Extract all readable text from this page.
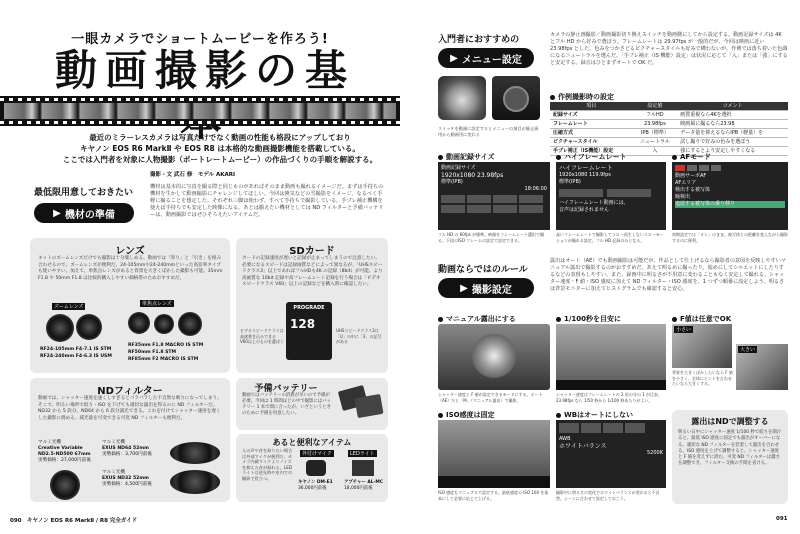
一眼カメラでショートムービーを作ろう!
動画撮影の基
最近のミラーレスカメラは写真だけでなく動画の性能も格段にアップしており
キヤノン EOS R6 MarkⅡ や EOS R8 は本格的な動画撮影機能を搭載している。
ここでは入門者を対象に人物撮影（ポートレートムービー）の作品づくりの手順を解説する。
撮影・文 武石 修　モデル AKARI
最低限用意しておきたい
▶ 機材の準備
機材は基本的に写真を撮る際と同じものがあればそのまま動画も撮れるイメージだ。まずは手持ちの機材を生かして動画撮影にチャレンジしてほしい。今回は換気などの雪撮影をイメージ、なるべく手軽に撮ることを想定した。それぞれ三脚は使わず、すべて手持ちで撮影している。手ブレ補正機構を使えば手持ちでも安定した映像になる。あとは揃えたい機材としては ND フィルターと予備バッテリーは、動画撮影ではぜひそろえたいアイテムだ。
レンズ
キットのズームレンズだけでも撮影は十分楽しめる。動画では「寄り」と「引き」を組み合わせるので、ズームレンズが便利だ。24-105mmや24-240mmといった高倍率タイプも使いやすい。加えて、単焦点レンズがあると背景を大きくぼかした撮影も可能。35mm F1.8 や 50mm F1.8 は比較的購入しやすい価格帯のためおすすめだ。
ズームレンズ	単焦点レンズ
RF24-105mm F4-7.1 IS STM
RF24-240mm F4-6.3 IS USM
RF35mm F1.8 MACRO IS STM
RF50mm F1.8 STM
RF85mm F2 MACRO IS STM
SDカード
カードの記録速度が遅いと記録が止まってしまうので注意したい。必要になるスピードは記録画質などによって異なるが、「UHSスピードクラス3」以上であればフルHDも4K の記録（8bit）が可能。より高画質な 10bit 記録や高フレームレート記録を行う場合は「ビデオスピードクラス V60」以上の記録などを購入時に確認したい。
PROGRADE
128
ビデオスピードクラスは高速書き込みできる V60以上のものを選ぼう
UHSスピードクラス3は「U」の中に「3」の記号がある
NDフィルター
動画では、シャッター速度を速くしすぎるとパラパラした不自然な映りになってしまう。そこで、明るい場所で絞り・ISO を下げても適切な露出を得るのに ND フィルターだ。ND32 から 5 段分、ND64 から 6 段分減光できる。これを付けてシャッター速度を遅くした撮影に挑める。減光量を可変できる可変 ND フィルターも便利だ。
マルミ光機
Creative Variable ND2.5-ND500 67mm
実勢価格：27,000円前後
マルミ光機
EXUS ND64 52mm
実勢価格：3,700円前後
マルミ光機
EXUS ND32 52mm
実勢価格：4,500円前後
予備バッテリー
動画ではバッテリーの消費が早いので予備が必要。今回は 1 時間ほどの中で撮影にはバッテリー 1 本で間に合ったが、いざというときのために予備を用意したい。
あると便利なアイテム
人の声や音を録りたい場合は外部マイクが便利だ。カメラ内蔵マイクよりノイズを抑えた音が録れる。LED ライトは逆光時や室内での撮影で役立つ。
外付けマイク	LEDライト
キヤノン DM-E1
36,000円前後
アプチャー AL-MC
18,000円前後
090　キヤノン EOS R6 MarkⅡ / R8 完全ガイド
入門者におすすめの
▶ メニュー設定
スイッチを動画に設定するとメニューの項目が静止画用から動画用に変わる
カメラの静止画撮影／動画撮影切り換えスイッチを動画側にしてから設定する。動画記録サイズは 4K とフル HD から好みで選ぼう。フレームレートは 29.97fps が一般的だが、今回は映画に近い 23.98fps とした。色みをつかさどるピクチャースタイルも好みで構わないが、作例では落ち着いた色調になるニュートラルを選んだ。「手ブレ補正（IS 機能）設定」は状況に応じて「入」または「強」にすると安定する。録音はひとまずオートで OK だ。
作例撮影時の設定
項目	設定値	コメント
記録サイズ	フルHD	画質重視なら4Kを選択
フレームレート	23.98fps	映画風に撮るなら23.98
圧縮方式	IPB（標準）	データ量を抑えるならIPB（軽量）を
ピクチャースタイル	ニュートラル	試し撮りで好みの色みを選ぼう
手ブレ補正（IS機能）設定	入	強にするとより安定しやすくなる
動画記録サイズ
動画記録サイズ
1920x1080 23.98fps
標準(IPB)
18:06:00
フル HD の 60fps が標準。映像をフレームレート選択で撮る。下段のISO フレームの設定で設定できる。
ハイフレームレート
ハイフレームレート
1920x1080 119.9fps
標準(IPB)
ハイフレームレート動画には、
音声は記録されません
高いフレームレートで撮影してスロー再生しないスローモーションが撮れる設定。フル HD 記録のみとなる。
AFモード
動画サーボAF
AFエリア
検出する被写体
瞳検出
追尾する被写体の乗り移り
初期設定では「オン」のまま。被写体との距離を変えながら撮影するのに便利。
動画ならではのルール
▶ 撮影設定
露出はオート（AE）でも動画撮影は可能だが、作品として仕上げるなら撮影者の意図を反映しやすいマニュアル露出で撮影するのがおすすめだ。あえて明るめに撮ったり、暗めにしてシルエットにしたりするなどの表現もしやすい。また、録画中に明るさが不用意に変わることもなく安定して撮れる。シャッター速度・F 値・ISO 感度に加えて ND フィルター・ISO 感度を、1 つずつ順番に設定しよう。明るさは背景モニターに加えてヒストグラムでも確認すると安心。
マニュアル露出にする
シャッター速度と F 値が設定できるモードにする。オート（AE）だと「M」（マニュアル露出）で撮影。
1/100秒を目安に
シャッター速度はフレームレートの 2 倍の分の 1 が目安。23.98fps なら 1/50 秒から 1/100 秒あたりがよい。
F値は任意でOK
小さい
大きい
背景を大きくぼかしたいなら F 値を小さく、全体にピントを合わせたいなら大きくする。
ISO感度は固定
ISO 感度もマニュアルで設定する。最低感度の ISO 100 を基本にして必要に応じて上げる。
WBはオートにしない
AWB
ホワイトバランス
5200K
撮影中に明るさの変化でホワイトバランスが変わると不自然。シーンに合わせて設定しておこう。
露出はNDで調整する
明るい日中にシャッター速度 1/100 秒で絞りを開けると、最低 ISO 感度に固定でも露出がオーバーになる。適切な ND フィルターを装着して露出を合わせる。ISO 感度を上げて調整すると、シャッター速度と F 値を変えずに済む。可変 ND フィルターは濃さを調整でき、フィルター交換の手間を省ける。
091
